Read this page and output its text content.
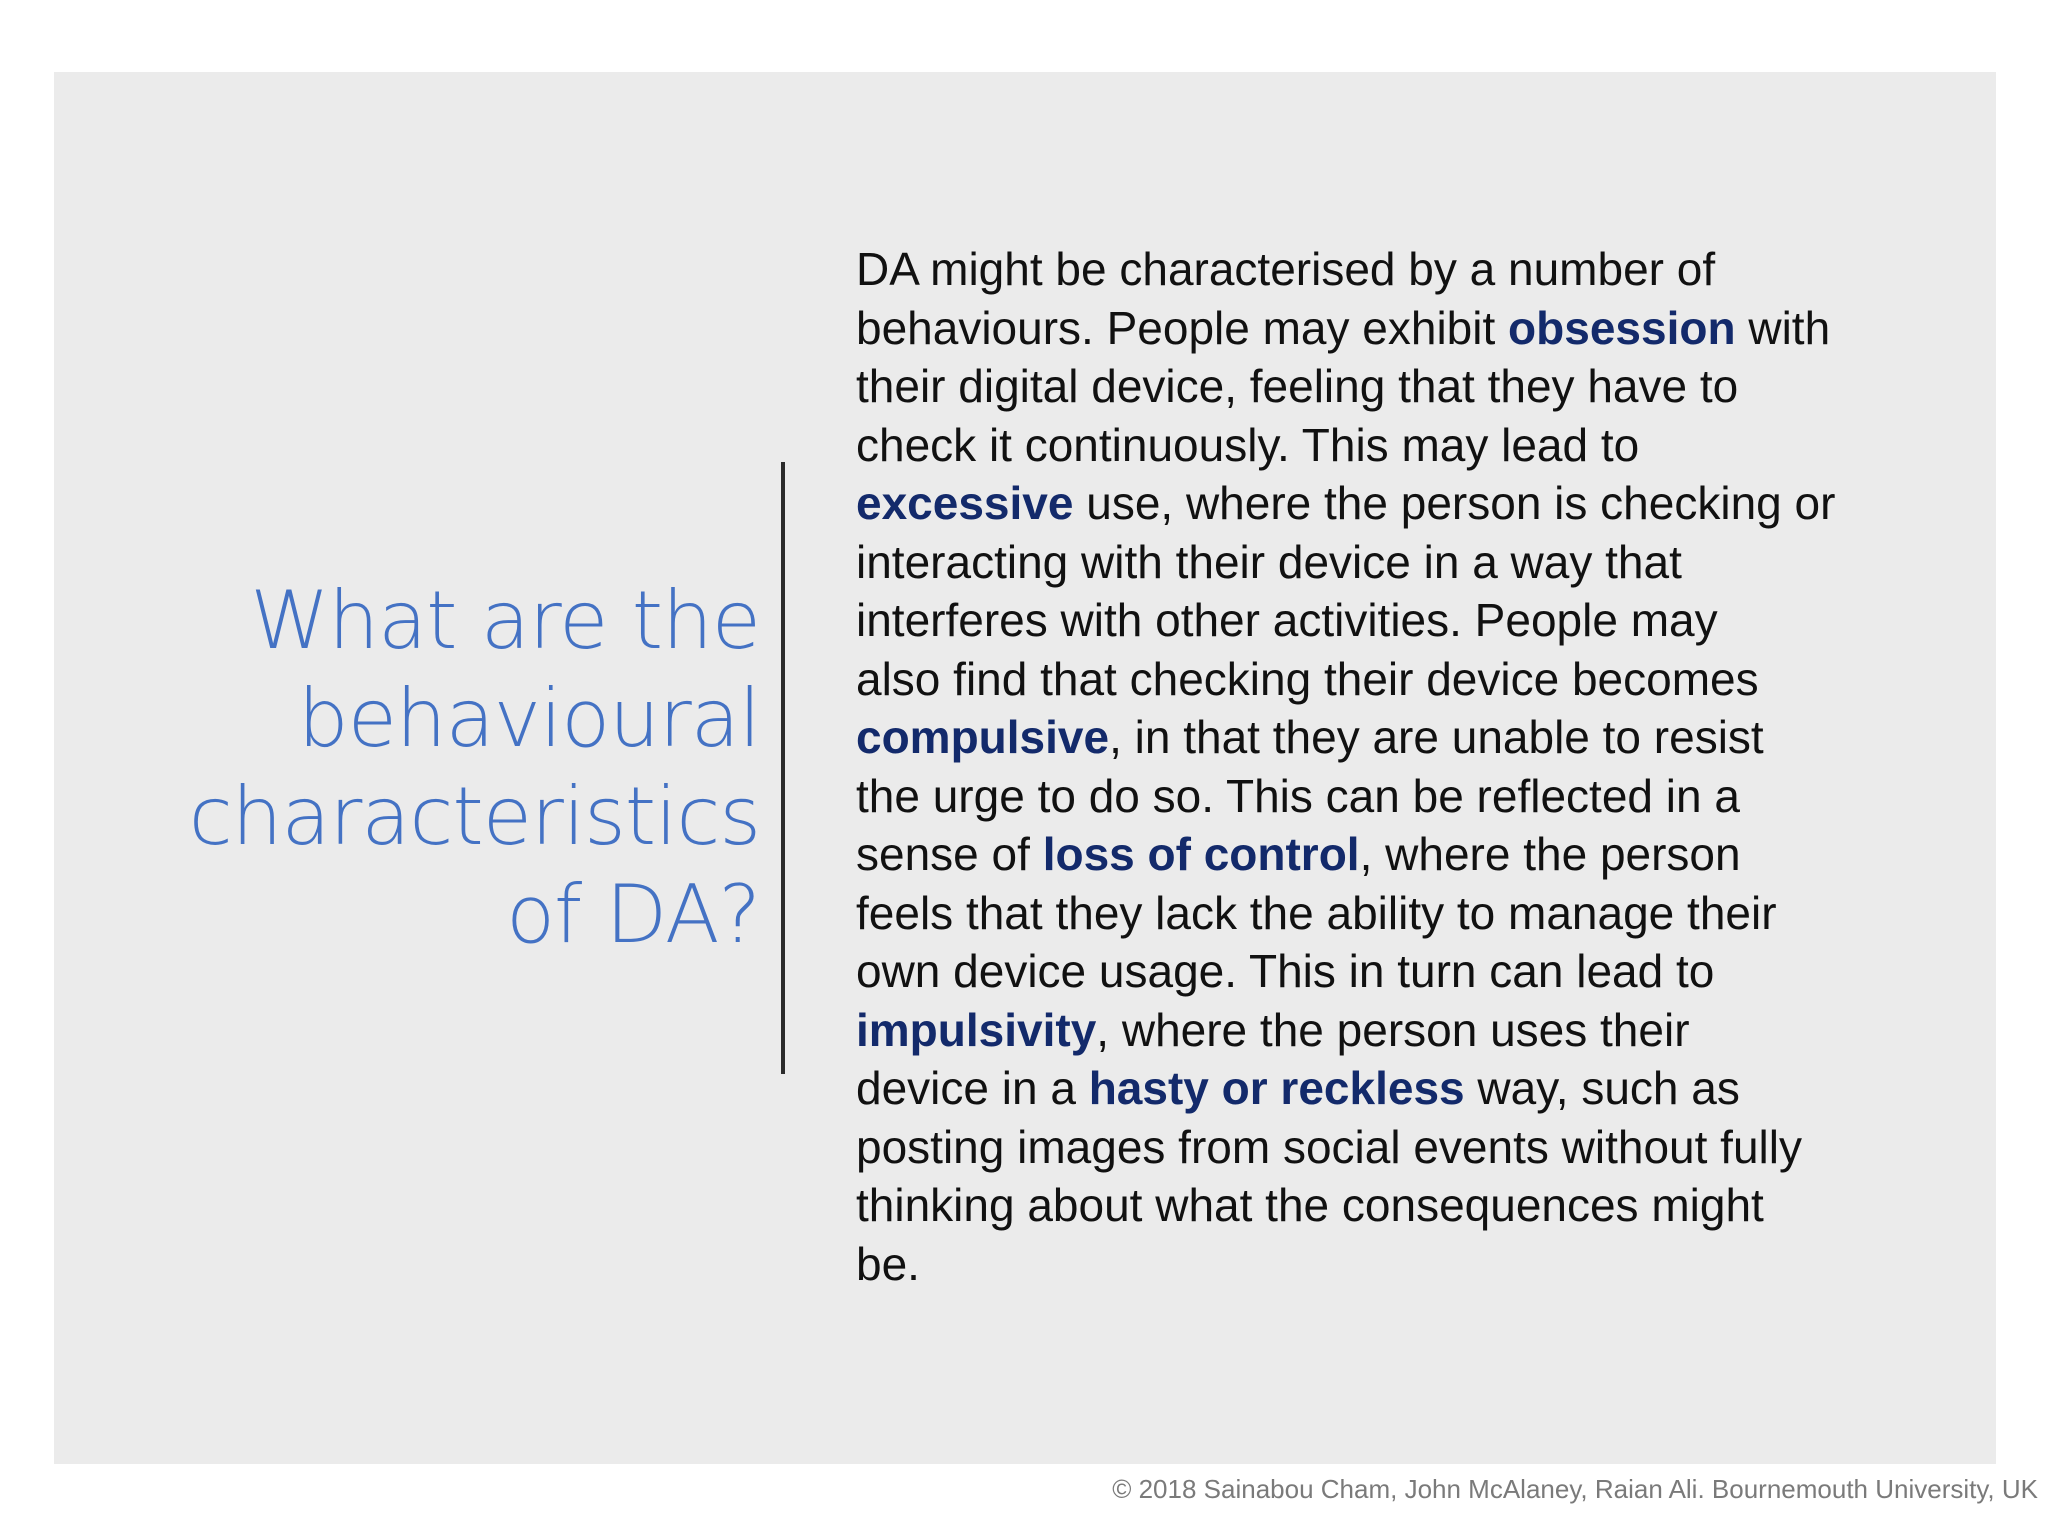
What are the
behavioural
characteristics
of DA?
DA might be characterised by a number of
behaviours. People may exhibit obsession with
their digital device, feeling that they have to
check it continuously. This may lead to
excessive use, where the person is checking or
interacting with their device in a way that
interferes with other activities. People may
also find that checking their device becomes
compulsive, in that they are unable to resist
the urge to do so. This can be reflected in a
sense of loss of control, where the person
feels that they lack the ability to manage their
own device usage. This in turn can lead to
impulsivity, where the person uses their
device in a hasty or reckless way, such as
posting images from social events without fully
thinking about what the consequences might
be.
© 2018 Sainabou Cham, John McAlaney, Raian Ali. Bournemouth University, UK
